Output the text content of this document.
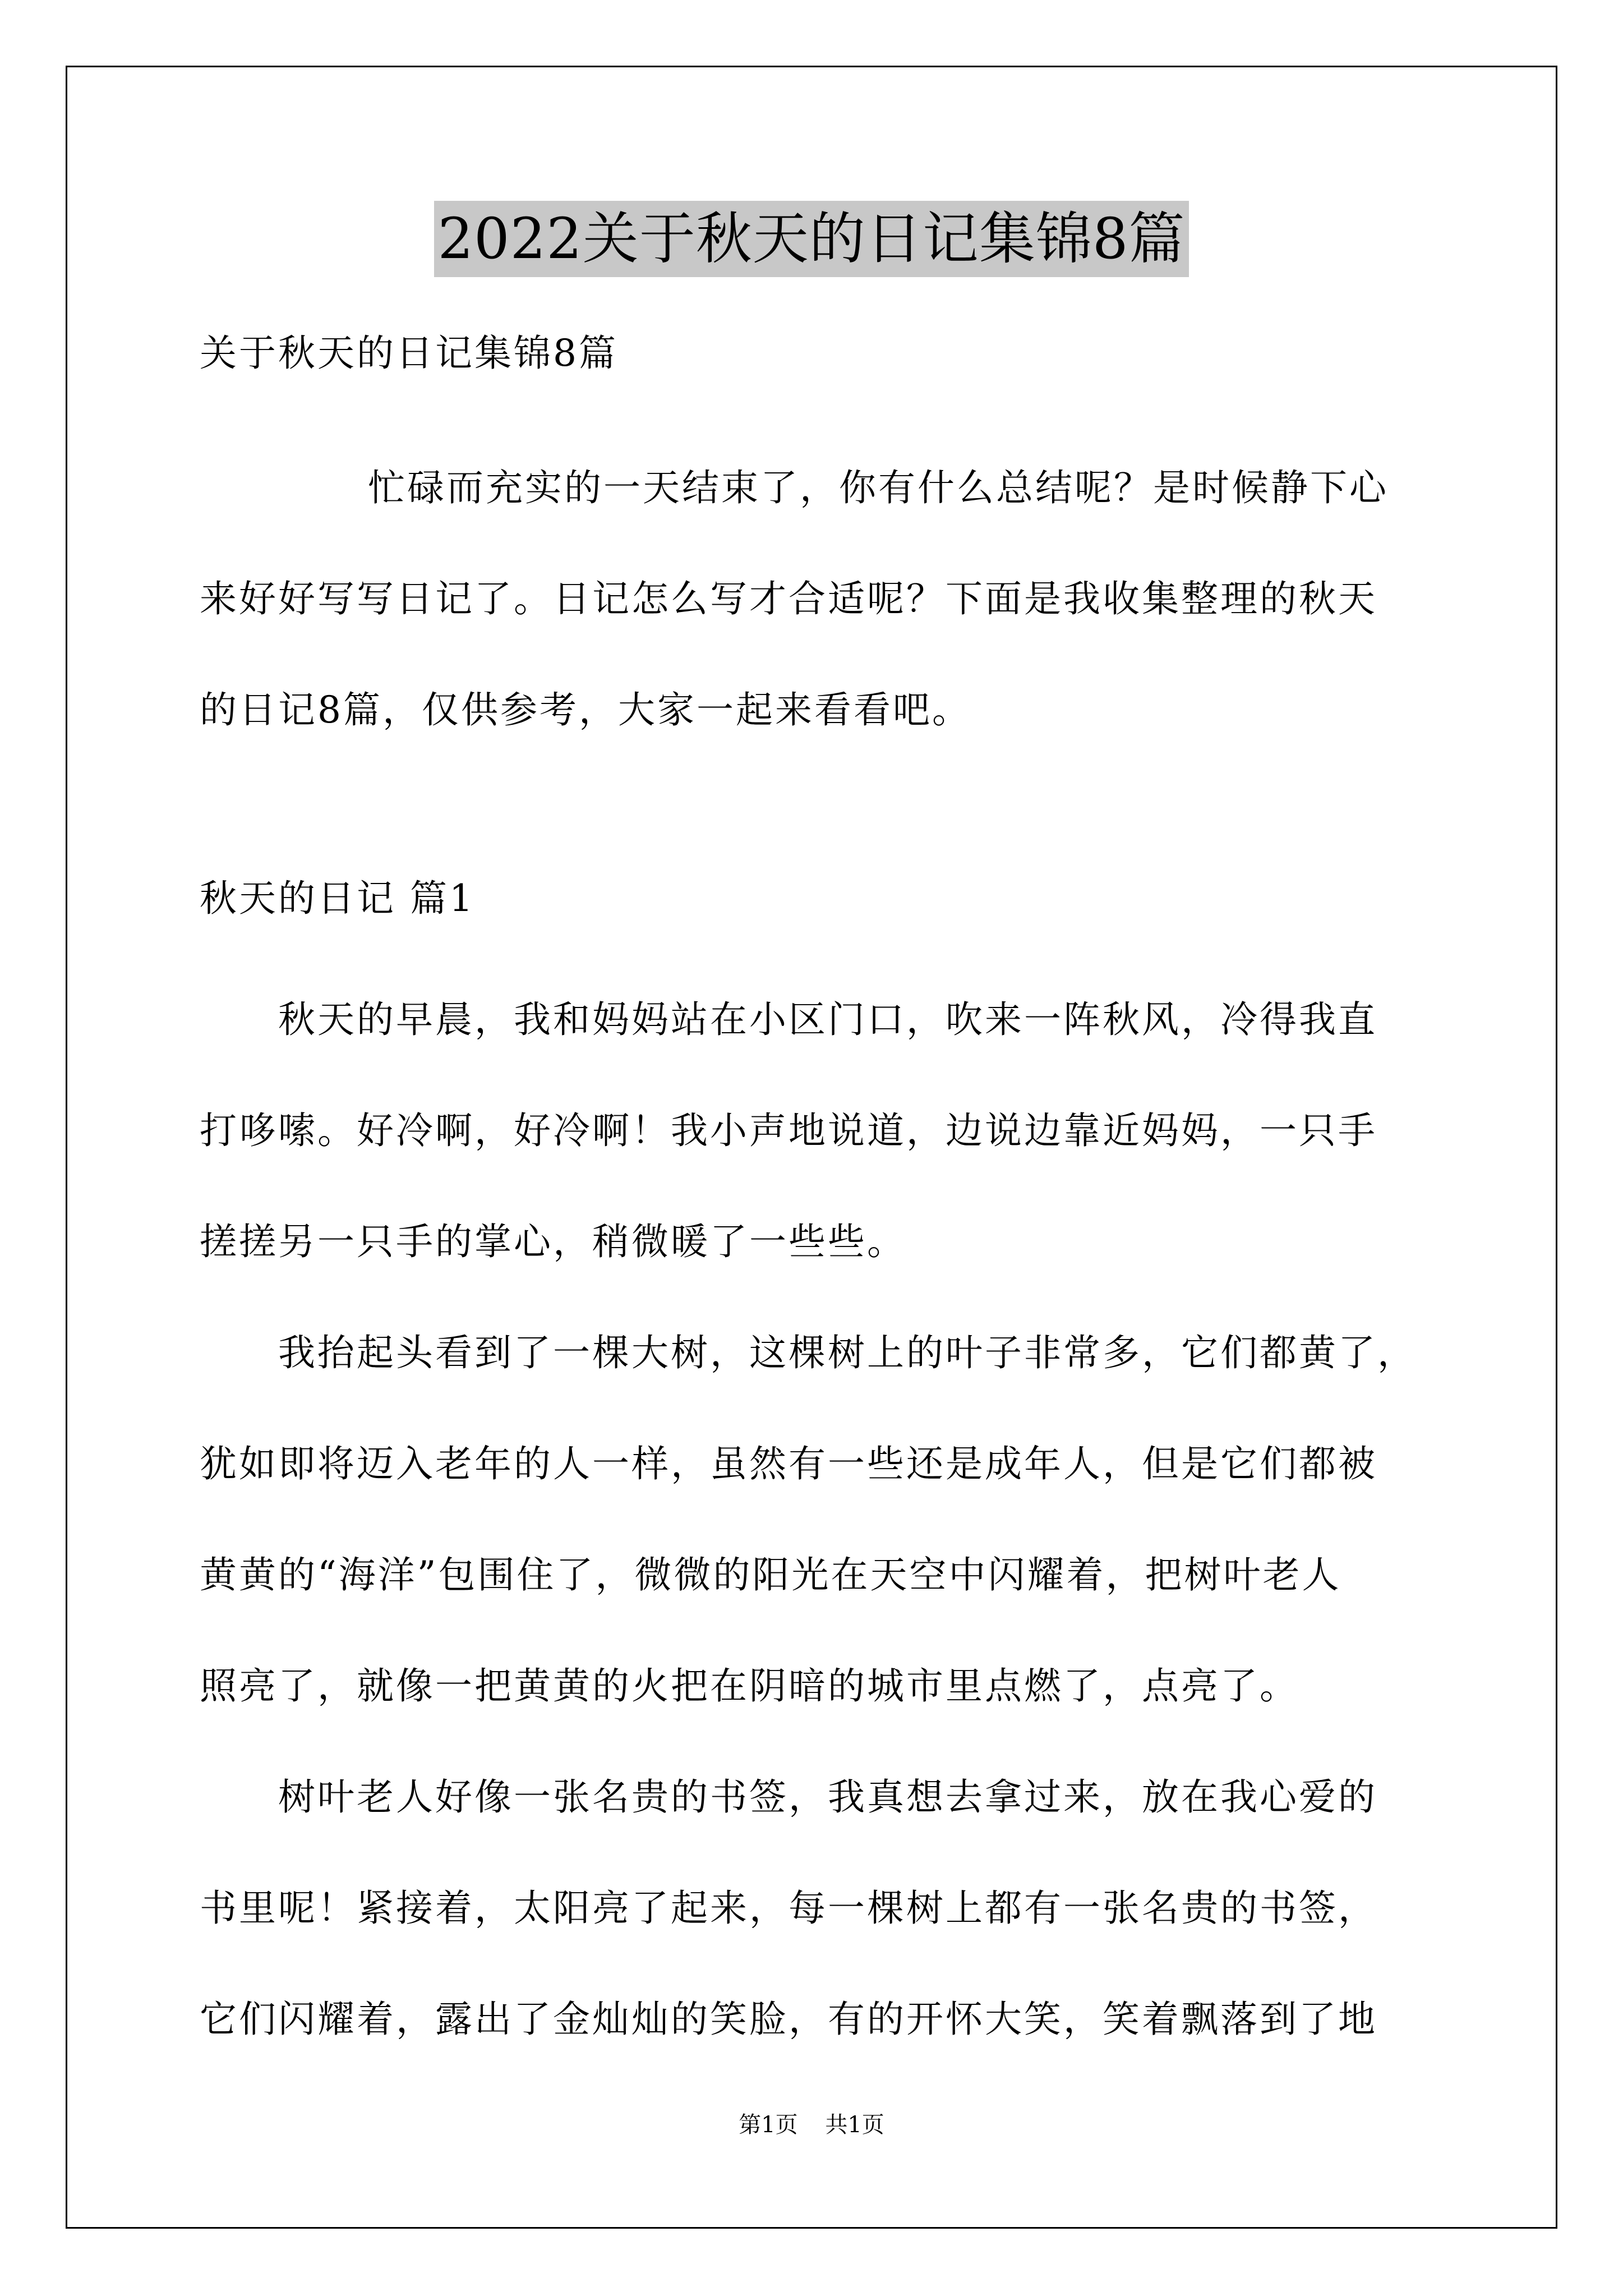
2022关于秋天的日记集锦8篇
关于秋天的日记集锦8篇
忙碌而充实的一天结束了，你有什么总结呢？是时候静下心
来好好写写日记了。日记怎么写才合适呢？下面是我收集整理的秋天
的日记8篇，仅供参考，大家一起来看看吧。
秋天的日记 篇1
秋天的早晨，我和妈妈站在小区门口，吹来一阵秋风，冷得我直
打哆嗦。好冷啊，好冷啊！我小声地说道，边说边靠近妈妈，一只手
搓搓另一只手的掌心，稍微暖了一些些。
我抬起头看到了一棵大树，这棵树上的叶子非常多，它们都黄了，
犹如即将迈入老年的人一样，虽然有一些还是成年人，但是它们都被
黄黄的“海洋”包围住了，微微的阳光在天空中闪耀着，把树叶老人
照亮了，就像一把黄黄的火把在阴暗的城市里点燃了，点亮了。
树叶老人好像一张名贵的书签，我真想去拿过来，放在我心爱的
书里呢！紧接着，太阳亮了起来，每一棵树上都有一张名贵的书签，
它们闪耀着，露出了金灿灿的笑脸，有的开怀大笑，笑着飘落到了地
第1页 共1页
